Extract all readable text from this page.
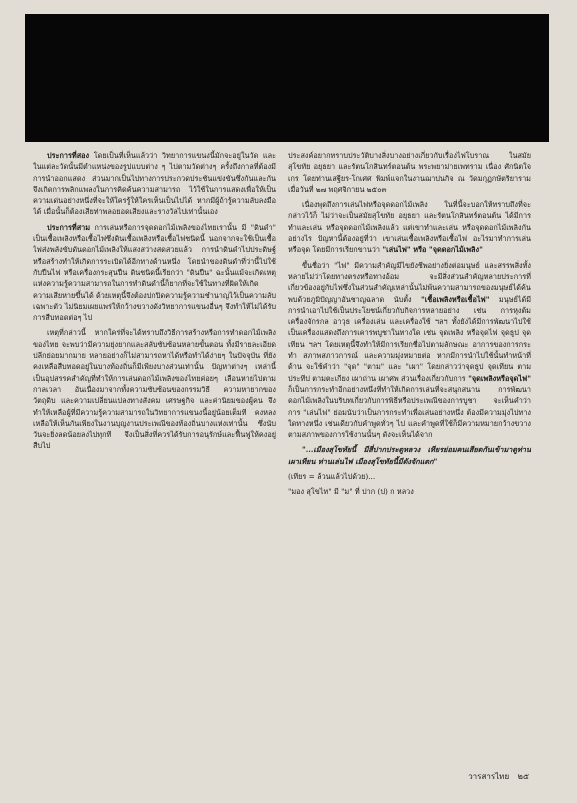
ประการที่สอง โดยเป็นที่เห็นแล้วว่า วิทยาการแขนงนี้มักจะอยู่ในวัด และในแต่ละวัดนั้นมีตำแหน่งของรูปแบบต่าง ๆ ไปตามวัดต่างๆ ครั้งถึงกาลที่ต้องมีการนำออกแสดง ส่วนมากเป็นไปทางการประกวดประชันแข่งขันซึ่งกันและกัน จึงเกิดการพลิกแพลงในการคิดค้นความสามารถ ไว้ใช้ในการแสดงเพื่อให้เป็นความเด่นอย่างหนึ่งที่จะให้ใครรู้ให้ใครเห็นเป็นไปได้ หากมีผู้ถ้ารู้ความลับลงมือได้ เมื่อนั้นก็ต้องเสียท่าพลอยอดเสียงและรางวัลไปเท่านั้นเอง

ประการที่สาม การเล่นหรือการจุดดอกไม้เพลิงของไทยเรานั้น มี "ดินดำ" เป็นเชื้อเพลิงหรือเชื้อไฟซึ่งดินเชื้อเพลิงหรือเชื้อไฟชนิดนี้ นอกจากจะใช้เป็นเชื้อไฟส่งพลังขับดันดอกไม้เพลิงให้แสงสว่างสดสวยแล้ว การนำดินดำไปประดิษฐ์หรือสร้างทำให้เกิดการระเบิดได้อีกทางด้านหนึ่ง โดยนำของดินดำที่ว่านี้ไปใช้กับปืนไฟ หรือเครื่องกระสุนปืน ดินชนิดนี้เรียกว่า "ดินปืน" ฉะนั้นแม้จะเกิดเหตุแห่งความรู้ความสามารถในการทำดินดำนี้ก็ยากที่จะใช้ในทางที่ผิดให้เกิดความเสียหายขึ้นได้ ด้วยเหตุนี้จึงต้องปกปิดความรู้ความชำนาญไว้เป็นความลับเฉพาะตัว ไม่นิยมเผยแพร่ให้กว้างขวางดังวิทยาการแขนงอื่นๆ จึงทำให้ไม่ได้รับการสืบทอดต่อๆ ไป

เหตุที่กล่าวนี้ หากใคร่ที่จะได้ทราบถึงวิธีการสร้างหรือการทำดอกไม้เพลิงของไทย จะพบว่ามีความยุ่งยากและสลับซับซ้อนหลายขั้นตอน ทั้งมีรายละเอียดปลีกย่อยมากมาย หลายอย่างก็ไม่สามารถหาได้หรือทำได้ง่ายๆ ในปัจจุบัน ที่ยังคงเหลือสืบทอดอยู่ในบางท้องถิ่นก็มีเพียงบางส่วนเท่านั้น ปัญหาต่างๆ เหล่านี้เป็นอุปสรรคสำคัญที่ทำให้การเล่นดอกไม้เพลิงของไทยค่อยๆ เลือนหายไปตามกาลเวลา อันเนื่องมาจากทั้งความซับซ้อนของกรรมวิธี ความหายากของวัตถุดิบ และความเปลี่ยนแปลงทางสังคม เศรษฐกิจ และค่านิยมของผู้คน จึงทำให้เหลือผู้ที่มีความรู้ความสามารถในวิทยาการแขนงนี้อยู่น้อยเต็มที คงหลงเหลือให้เห็นกันเพียงในงานบุญงานประเพณีของท้องถิ่นบางแห่งเท่านั้น ซึ่งนับวันจะยิ่งลดน้อยลงไปทุกที จึงเป็นสิ่งที่ควรได้รับการอนุรักษ์และฟื้นฟูให้คงอยู่สืบไป

ประสงค์อยากทราบประวัติบางสิ่งบางอย่างเกี่ยวกับเรื่องไฟโบราณ ในสมัยสุโขทัย อยุธยา และรัตนโกสินทร์ตอนต้น พระพยาม่ายเพทราม เนื่อง ศักนิตใจเกร โดยท่านเสฐียร-โกเศศ พิมพ์แจกในงานฌาปนกิจ ณ วัดมกุฏกษัตริยาราม เมื่อวันที่ ๒๗ พฤศจิกายน ๒๕๐๓

เนื่องพุดถึงการเล่นไฟหรือจุดดอกไม้เพลิง ในที่นี้จะบอกให้ทราบถึงที่จะกล่าวไว้ก็ ไม่ว่าจะเป็นสมัยสุโขทัย อยุธยา และรัตนโกสินทร์ตอนต้น ได้มีการทำและเล่น หรือจุดดอกไม้เพลิงแล้ว แต่เขาทำและเล่น หรือจุดดอกไม้เพลิงกันอย่างไร ปัญหานี้ต้องอยู่ที่ว่า เขาเล่นเชื้อเพลิงหรือเชื้อไฟ อะไรมาทำการเล่นหรือจุด โดยมีการเรียกขานว่า "เล่นไฟ" หรือ "จุดดอกไม้เพลิง"

ขึ้นชื่อว่า "ไฟ" มีความสำคัญมีไขยังชีพอย่างยิ่งต่อมนุษย์ และสรรพสิ่งทั้งหลายไม่ว่าโดยทางตรงหรือทางอ้อม จะมีสิ่งส่วนสำคัญหลายประการที่เกี่ยวข้องอยู่กับไฟซึ่งในส่วนสำคัญเหล่านั้นไม่พ้นความสามารถของมนุษย์ได้ค้นพบด้วยภูมิปัญญาอันชาญฉลาด นับตั้ง "เชื้อเพลิงหรือเชื้อไฟ" มนุษย์ได้มีการนำเอาไปใช้เป็นประโยชน์เกี่ยวกับกิจการหลายอย่าง เช่น การหุงต้ม เครื่องจักรกล อาวุธ เครื่องเล่น และเครื่องใช้ ฯลฯ ทั้งยังได้มีการพัฒนาไปใช้เป็นเครื่องแสดงถึงการเคารพบูชาในทางใด เช่น จุดเพลิง หรือจุดไฟ จุดธูป จุดเทียน ฯลฯ โดยเหตุนี้จึงทำให้มีการเรียกชื่อไปตามลักษณะ อาการของการกระทำ สภาพสภาวการณ์ และความมุ่งหมายต่อ หากมีการนำไปใช้นั้นทำหน้าที่ด้าน จะใช้คำว่า "จุด" "ตาม" และ "เผา" โดยกล่าวว่าจุดธูป จุดเทียน ตามประทีป ตามตะเกียง เผาถ่าน เผาศพ ส่วนเรื่องเกี่ยวกับการ "จุดเพลิงหรือจุดไฟ" ก็เป็นการกระทำอีกอย่างหนึ่งที่ทำให้เกิดการเล่นที่จะสนุกสนาน การพัฒนาดอกไม้เพลิงในบริบทเกี่ยวกับการพิธีหรือประเพณีของการบูชา จะเห็นคำว่า การ "เล่นไฟ" ย่อมนับว่าเป็นการกระทำเพื่อเล่นอย่างหนึ่ง ต้องมีความมุ่งไปทางใดทางหนึ่ง เช่นเดียวกับคำพูดทั่วๆ ไป และคำพูดที่ใช้ก็มีความหมายกว้างขวางตามสภาพของการใช้งานนั้นๆ ดังจะเห็นได้จาก

"...เมืองสุโขทัยนี้ มีสี่ปากประตูหลวง เทียรย่อมคนเสียดกันเข้ามาดูท่านเผาเทียน ท่านเล่นไฟ เมืองสุโขทัยนี้มีดังจักแตก"

(เทียร = ล้วนแล้วไปด้วย)...

"มอง สุโขไท" มี "ม" ที่ ปาก (ป) ก หลวง

วารสารไทย ๒๕
